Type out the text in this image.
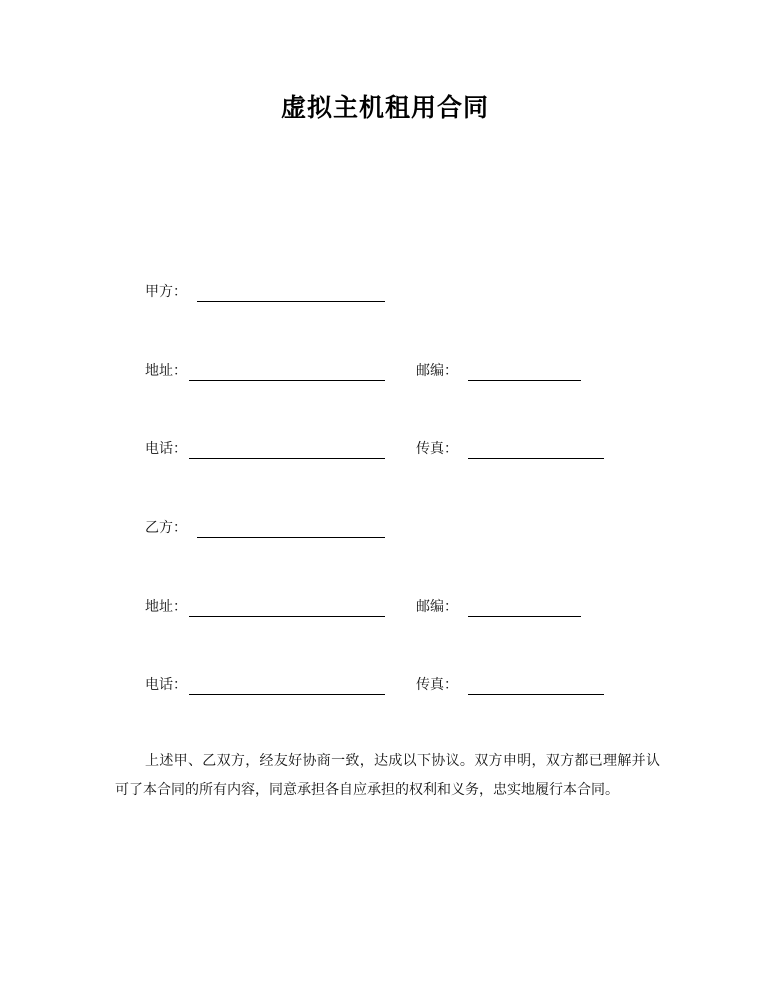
虚拟主机租用合同
甲方：
地址：	邮编：
电话：	传真：
乙方：
地址：	邮编：
电话：	传真：
上述甲、乙双方，经友好协商一致，达成以下协议。双方申明，双方都已理解并认可了本合同的所有内容，同意承担各自应承担的权利和义务，忠实地履行本合同。
